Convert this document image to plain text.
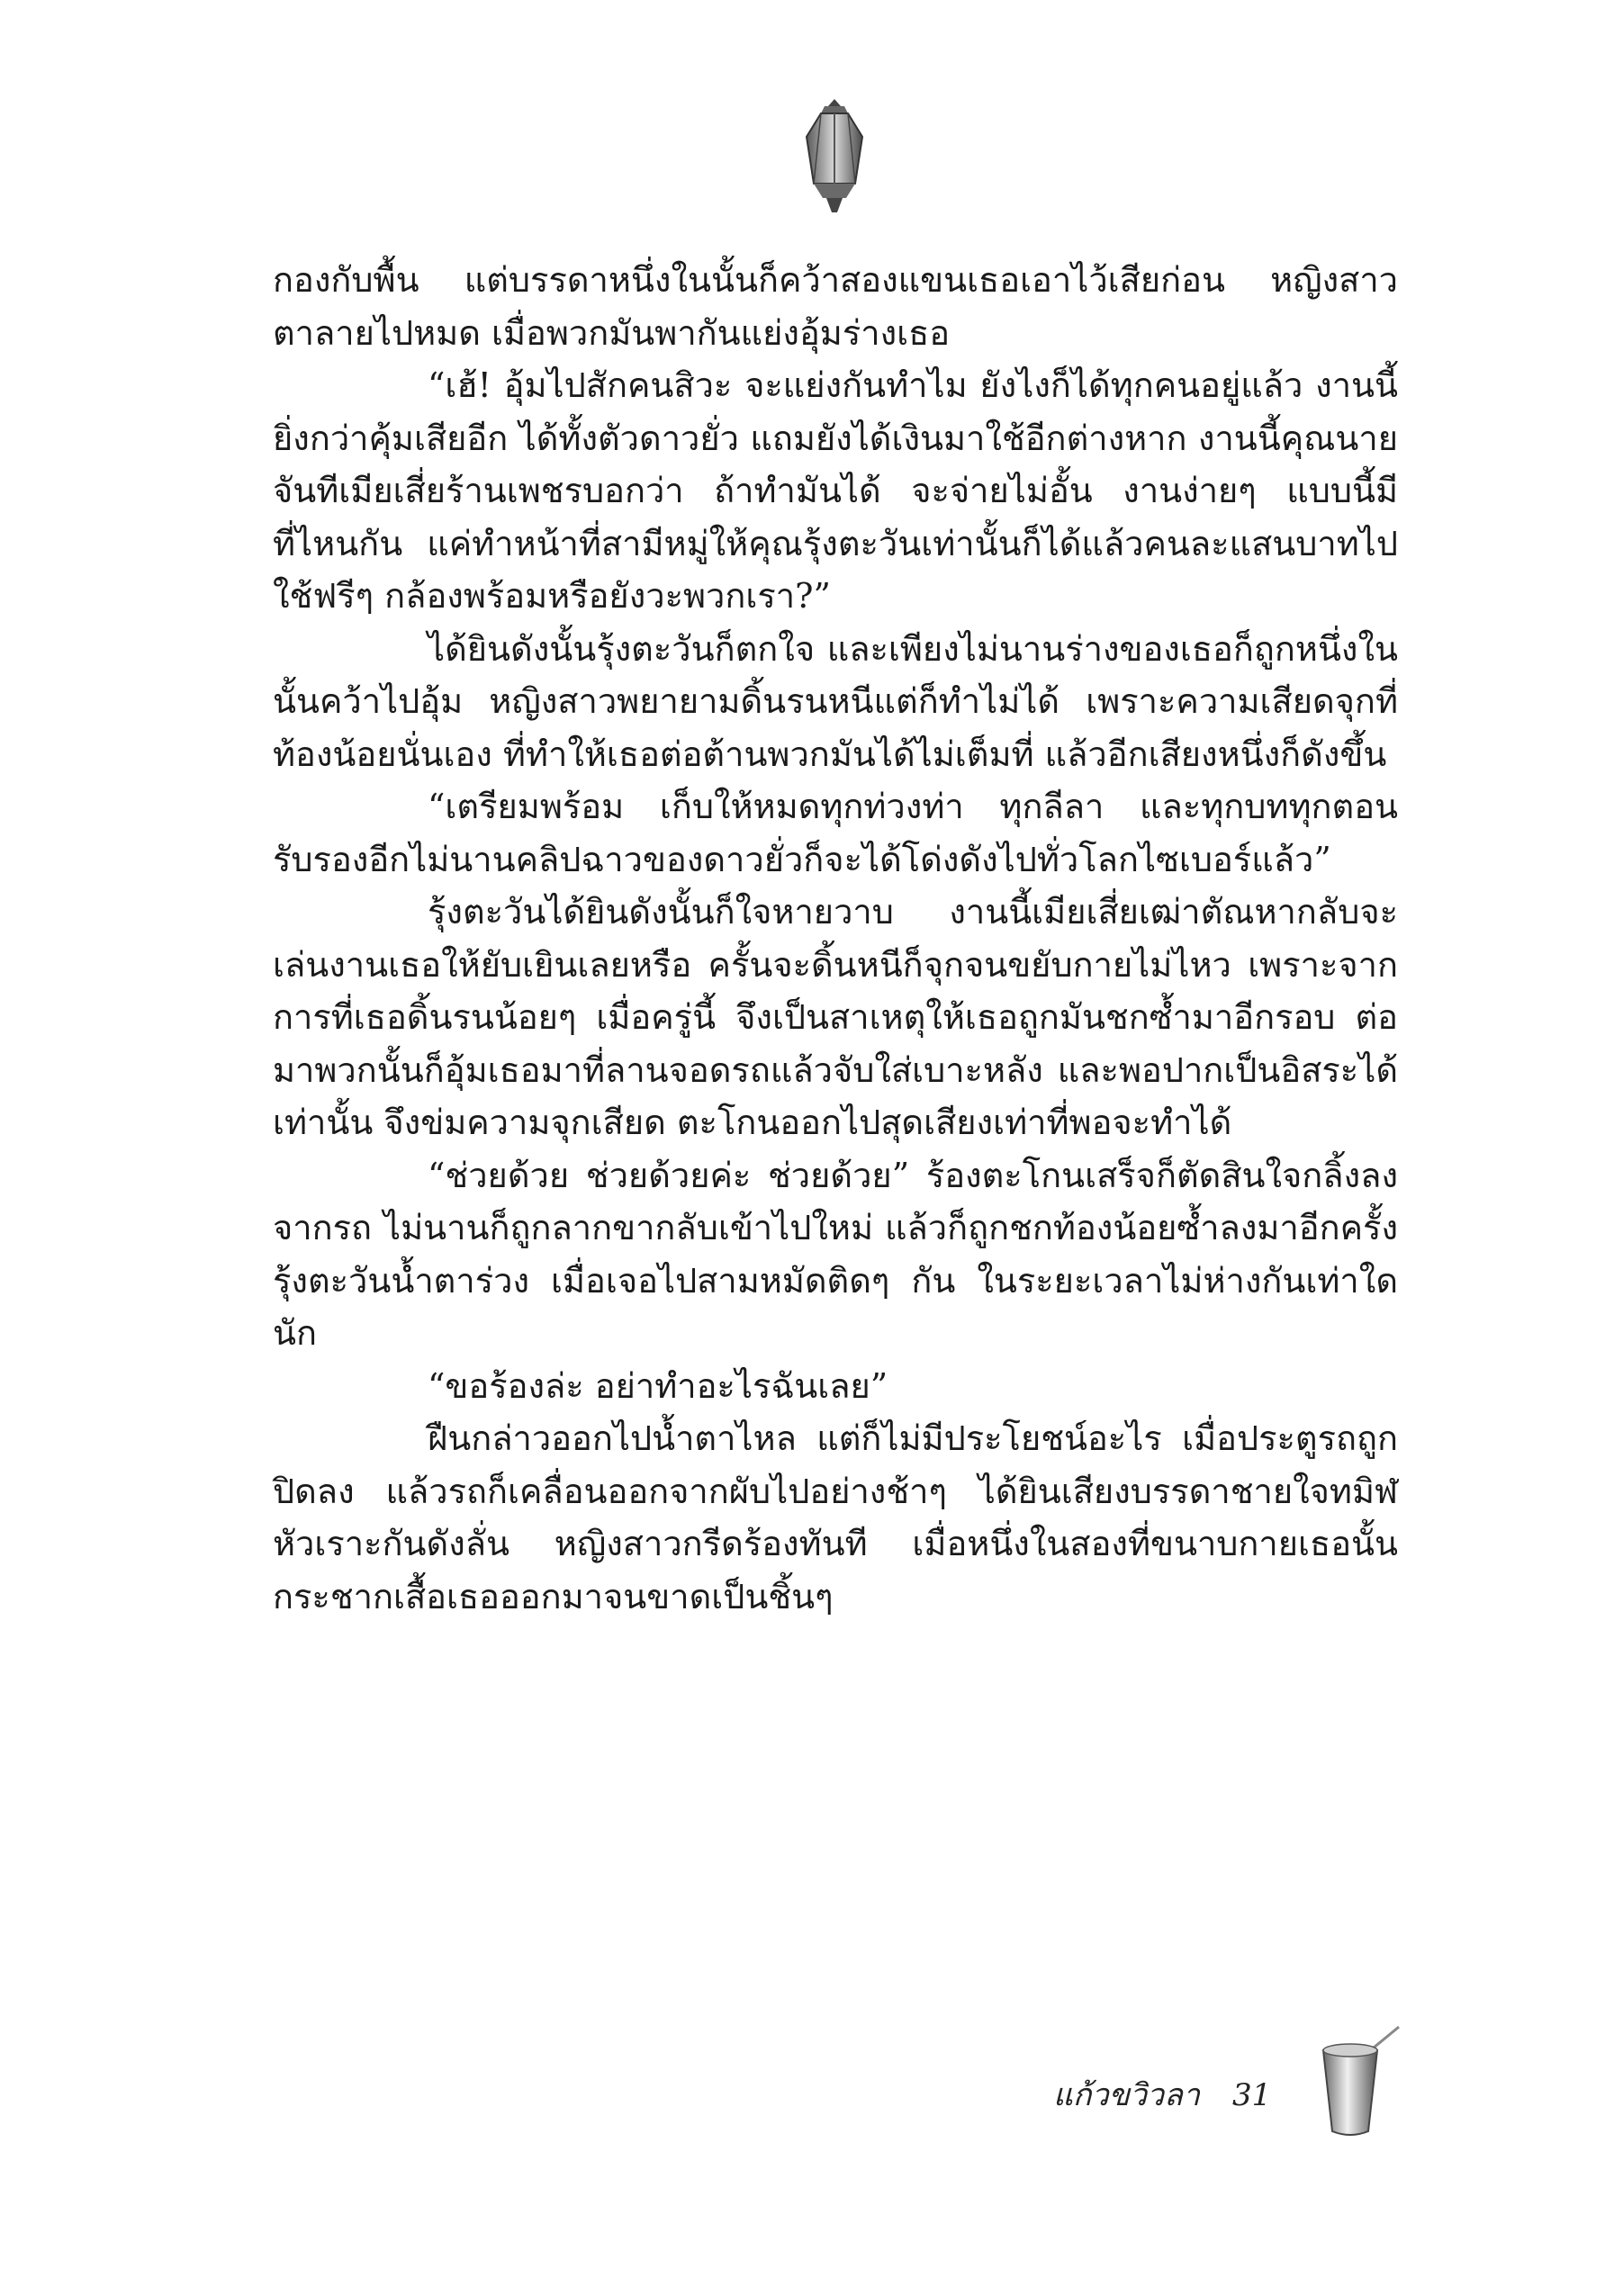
กองกับพื้น แต่บรรดาหนึ่งในนั้นก็คว้าสองแขนเธอเอาไว้เสียก่อน หญิงสาวตาลายไปหมด เมื่อพวกมันพากันแย่งอุ้มร่างเธอ

“เฮ้! อุ้มไปสักคนสิวะ จะแย่งกันทำไม ยังไงก็ได้ทุกคนอยู่แล้ว งานนี้ยิ่งกว่าคุ้มเสียอีก ได้ทั้งตัวดาวยั่ว แถมยังได้เงินมาใช้อีกต่างหาก งานนี้คุณนายจันทีเมียเสี่ยร้านเพชรบอกว่า ถ้าทำมันได้ จะจ่ายไม่อั้น งานง่ายๆ แบบนี้มีที่ไหนกัน แค่ทำหน้าที่สามีหมู่ให้คุณรุ้งตะวันเท่านั้นก็ได้แล้วคนละแสนบาทไปใช้ฟรีๆ กล้องพร้อมหรือยังวะพวกเรา?”

ได้ยินดังนั้นรุ้งตะวันก็ตกใจ และเพียงไม่นานร่างของเธอก็ถูกหนึ่งในนั้นคว้าไปอุ้ม หญิงสาวพยายามดิ้นรนหนีแต่ก็ทำไม่ได้ เพราะความเสียดจุกที่ท้องน้อยนั่นเอง ที่ทำให้เธอต่อต้านพวกมันได้ไม่เต็มที่ แล้วอีกเสียงหนึ่งก็ดังขึ้น

“เตรียมพร้อม เก็บให้หมดทุกท่วงท่า ทุกลีลา และทุกบททุกตอน รับรองอีกไม่นานคลิปฉาวของดาวยั่วก็จะได้โด่งดังไปทั่วโลกไซเบอร์แล้ว”

รุ้งตะวันได้ยินดังนั้นก็ใจหายวาบ งานนี้เมียเสี่ยเฒ่าตัณหากลับจะเล่นงานเธอให้ยับเยินเลยหรือ ครั้นจะดิ้นหนีก็จุกจนขยับกายไม่ไหว เพราะจากการที่เธอดิ้นรนน้อยๆ เมื่อครู่นี้ จึงเป็นสาเหตุให้เธอถูกมันชกซ้ำมาอีกรอบ ต่อมาพวกนั้นก็อุ้มเธอมาที่ลานจอดรถแล้วจับใส่เบาะหลัง และพอปากเป็นอิสระได้เท่านั้น จึงข่มความจุกเสียด ตะโกนออกไปสุดเสียงเท่าที่พอจะทำได้

“ช่วยด้วย ช่วยด้วยค่ะ ช่วยด้วย” ร้องตะโกนเสร็จก็ตัดสินใจกลิ้งลงจากรถ ไม่นานก็ถูกลากขากลับเข้าไปใหม่ แล้วก็ถูกชกท้องน้อยซ้ำลงมาอีกครั้ง รุ้งตะวันน้ำตาร่วง เมื่อเจอไปสามหมัดติดๆ กัน ในระยะเวลาไม่ห่างกันเท่าใดนัก

“ขอร้องล่ะ อย่าทำอะไรฉันเลย”

ฝืนกล่าวออกไปน้ำตาไหล แต่ก็ไม่มีประโยชน์อะไร เมื่อประตูรถถูกปิดลง แล้วรถก็เคลื่อนออกจากผับไปอย่างช้าๆ ได้ยินเสียงบรรดาชายใจทมิฬหัวเราะกันดังลั่น หญิงสาวกรีดร้องทันที เมื่อหนึ่งในสองที่ขนาบกายเธอนั้นกระชากเสื้อเธอออกมาจนขาดเป็นชิ้นๆ

แก้วขวิวลา 31
